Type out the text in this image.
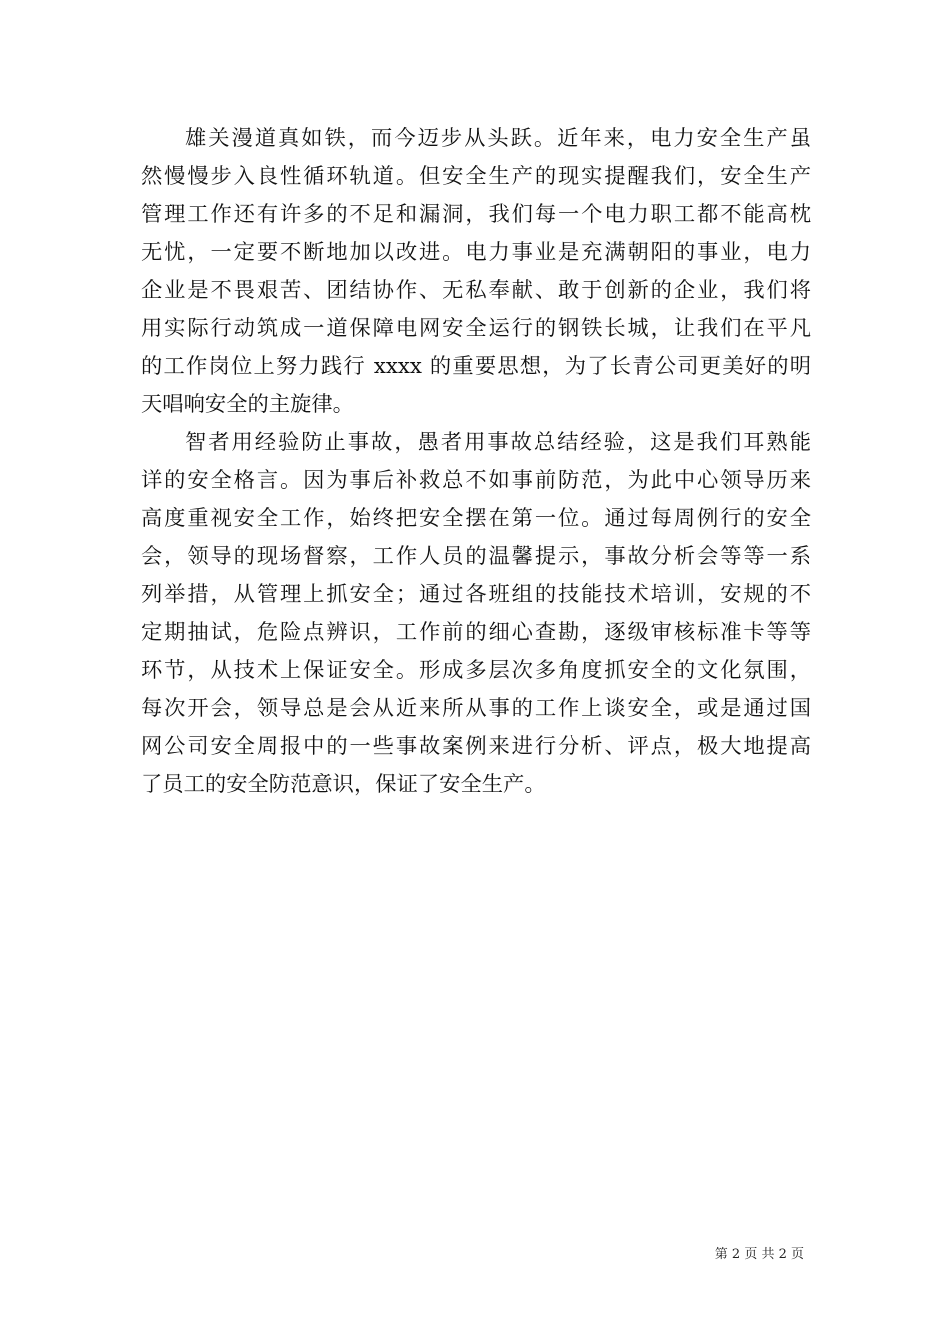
雄关漫道真如铁，而今迈步从头跃。近年来，电力安全生产虽
然慢慢步入良性循环轨道。但安全生产的现实提醒我们，安全生产
管理工作还有许多的不足和漏洞，我们每一个电力职工都不能高枕
无忧，一定要不断地加以改进。电力事业是充满朝阳的事业，电力
企业是不畏艰苦、团结协作、无私奉献、敢于创新的企业，我们将
用实际行动筑成一道保障电网安全运行的钢铁长城，让我们在平凡
的工作岗位上努力践行 xxxx 的重要思想，为了长青公司更美好的明
天唱响安全的主旋律。
智者用经验防止事故，愚者用事故总结经验，这是我们耳熟能
详的安全格言。因为事后补救总不如事前防范，为此中心领导历来
高度重视安全工作，始终把安全摆在第一位。通过每周例行的安全
会，领导的现场督察，工作人员的温馨提示，事故分析会等等一系
列举措，从管理上抓安全；通过各班组的技能技术培训，安规的不
定期抽试，危险点辨识，工作前的细心查勘，逐级审核标准卡等等
环节，从技术上保证安全。形成多层次多角度抓安全的文化氛围，
每次开会，领导总是会从近来所从事的工作上谈安全，或是通过国
网公司安全周报中的一些事故案例来进行分析、评点，极大地提高
了员工的安全防范意识，保证了安全生产。
第 2 页 共 2 页
